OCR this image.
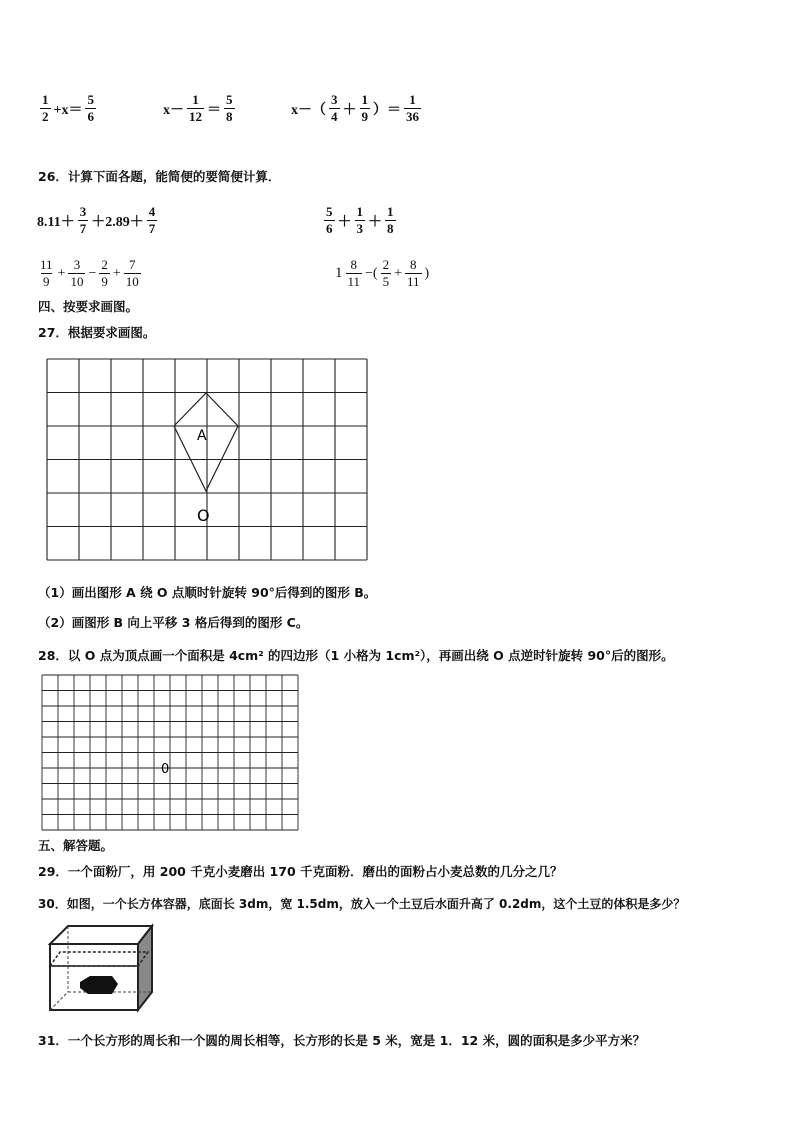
$\frac{1}{2} +x= \frac{5}{6}$	$x- \frac{1}{12} = \frac{5}{8}$	$x-( \frac{3}{4} + \frac{1}{9}$ ）＝ $\frac{1}{36}$
26．计算下面各题，能简便的要简便计算．
$8.11+ \frac{3}{7} +2.89+ \frac{4}{7}$	$\frac{5}{6} + \frac{1}{3} + \frac{1}{8}$
$\frac{11}{9} + \frac{3}{10} - \frac{2}{9} + \frac{7}{10}$	$1 \frac{8}{11}$ −( $\frac{2}{5} + \frac{8}{11}$ )
四、按要求画图。
27．根据要求画图。
A
O
（1）画出图形 A 绕 O 点顺时针旋转 90°后得到的图形 B。
（2）画图形 B 向上平移 3 格后得到的图形 C。
28．以 O 点为顶点画一个面积是 4cm² 的四边形（1 小格为 1cm²），再画出绕 O 点逆时针旋转 90°后的图形。
0
五、解答题。
29．一个面粉厂，用 200 千克小麦磨出 170 千克面粉．磨出的面粉占小麦总数的几分之几？
30．如图，一个长方体容器，底面长 3dm，宽 1.5dm，放入一个土豆后水面升高了 0.2dm，这个土豆的体积是多少？
31．一个长方形的周长和一个圆的周长相等，长方形的长是 5 米，宽是 1．12 米，圆的面积是多少平方米？
